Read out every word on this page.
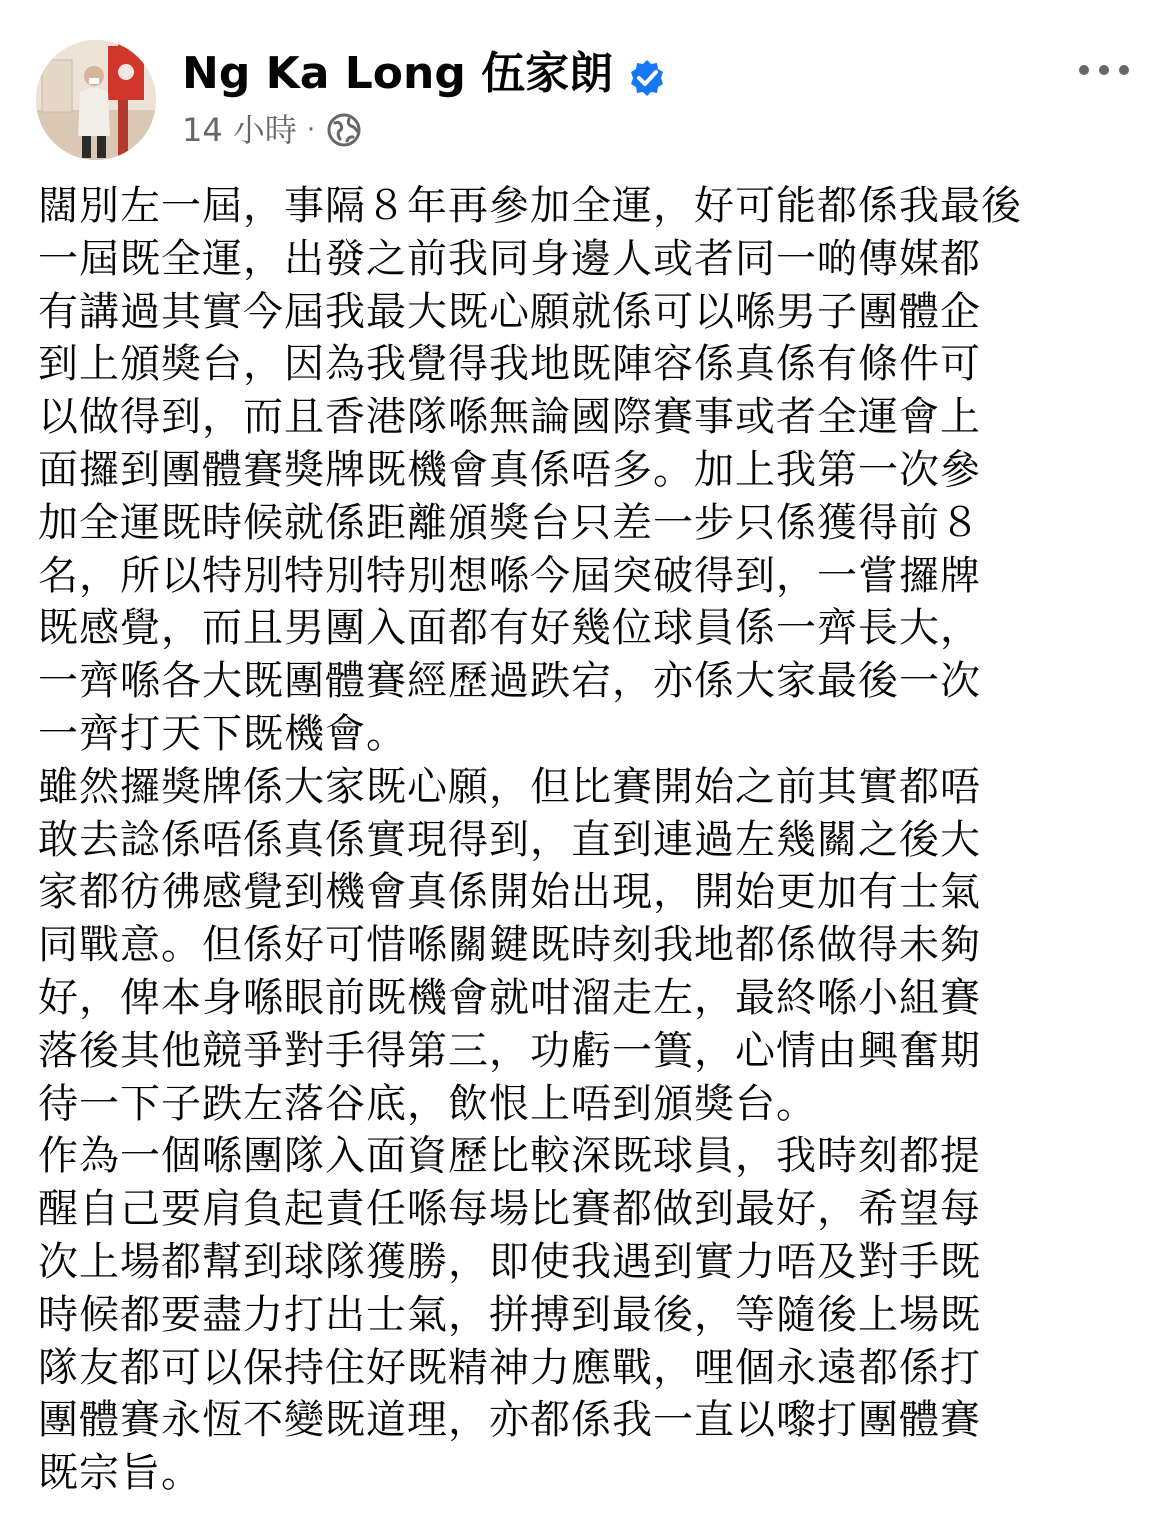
Ng Ka Long 伍家朗
14 小時 ·
闊別左一屆，事隔８年再參加全運，好可能都係我最後
一屆既全運，出發之前我同身邊人或者同一啲傳媒都
有講過其實今屆我最大既心願就係可以喺男子團體企
到上頒獎台，因為我覺得我地既陣容係真係有條件可
以做得到，而且香港隊喺無論國際賽事或者全運會上
面攞到團體賽獎牌既機會真係唔多。加上我第一次參
加全運既時候就係距離頒獎台只差一步只係獲得前８
名，所以特別特別特別想喺今屆突破得到，一嘗攞牌
既感覺，而且男團入面都有好幾位球員係一齊長大，
一齊喺各大既團體賽經歷過跌宕，亦係大家最後一次
一齊打天下既機會。
雖然攞獎牌係大家既心願，但比賽開始之前其實都唔
敢去諗係唔係真係實現得到，直到連過左幾關之後大
家都彷彿感覺到機會真係開始出現，開始更加有士氣
同戰意。但係好可惜喺關鍵既時刻我地都係做得未夠
好，俾本身喺眼前既機會就咁溜走左，最終喺小組賽
落後其他競爭對手得第三，功虧一簣，心情由興奮期
待一下子跌左落谷底，飲恨上唔到頒獎台。
作為一個喺團隊入面資歷比較深既球員，我時刻都提
醒自己要肩負起責任喺每場比賽都做到最好，希望每
次上場都幫到球隊獲勝，即使我遇到實力唔及對手既
時候都要盡力打出士氣，拼搏到最後，等隨後上場既
隊友都可以保持住好既精神力應戰，哩個永遠都係打
團體賽永恆不變既道理，亦都係我一直以嚟打團體賽
既宗旨。
